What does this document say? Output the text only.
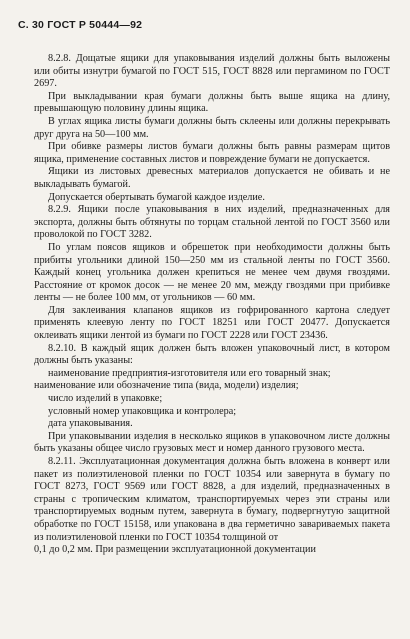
С. 30 ГОСТ Р 50444—92

8.2.8. Дощатые ящики для упаковывания изделий должны быть выложены или обиты изнутри бумагой по ГОСТ 515, ГОСТ 8828 или пергамином по ГОСТ 2697.

При выкладывании края бумаги должны быть выше ящика на длину, превышающую половину длины ящика.

В углах ящика листы бумаги должны быть склеены или должны перекрывать друг друга на 50—100 мм.

При обивке размеры листов бумаги должны быть равны размерам щитов ящика, применение составных листов и повреждение бумаги не допускается.

Ящики из листовых древесных материалов допускается не обивать и не выкладывать бумагой.

Допускается обертывать бумагой каждое изделие.

8.2.9. Ящики после упаковывания в них изделий, предназначенных для экспорта, должны быть обтянуты по торцам стальной лентой по ГОСТ 3560 или проволокой по ГОСТ 3282.

По углам поясов ящиков и обрешеток при необходимости должны быть прибиты угольники длиной 150—250 мм из стальной ленты по ГОСТ 3560. Каждый конец угольника должен крепиться не менее чем двумя гвоздями. Расстояние от кромок досок — не менее 20 мм, между гвоздями при прибивке ленты — не более 100 мм, от угольников — 60 мм.

Для заклеивания клапанов ящиков из гофрированного картона следует применять клеевую ленту по ГОСТ 18251 или ГОСТ 20477. Допускается оклеивать ящики лентой из бумаги по ГОСТ 2228 или ГОСТ 23436.

8.2.10. В каждый ящик должен быть вложен упаковочный лист, в котором должны быть указаны:

наименование предприятия-изготовителя или его товарный знак;

наименование или обозначение типа (вида, модели) изделия;

число изделий в упаковке;

условный номер упаковщика и контролера;

дата упаковывания.

При упаковывании изделия в несколько ящиков в упаковочном листе должны быть указаны общее число грузовых мест и номер данного грузового места.

8.2.11. Эксплуатационная документация должна быть вложена в конверт или пакет из полиэтиленовой пленки по ГОСТ 10354 или завернута в бумагу по ГОСТ 8273, ГОСТ 9569 или ГОСТ 8828, а для изделий, предназначенных в страны с тропическим климатом, транспортируемых через эти страны или транспортируемых водным путем, завернута в бумагу, подвергнутую защитной обработке по ГОСТ 15158, или упакована в два герметично завариваемых пакета из полиэтиленовой пленки по ГОСТ 10354 толщиной от

0,1 до 0,2 мм. При размещении эксплуатационной документации
